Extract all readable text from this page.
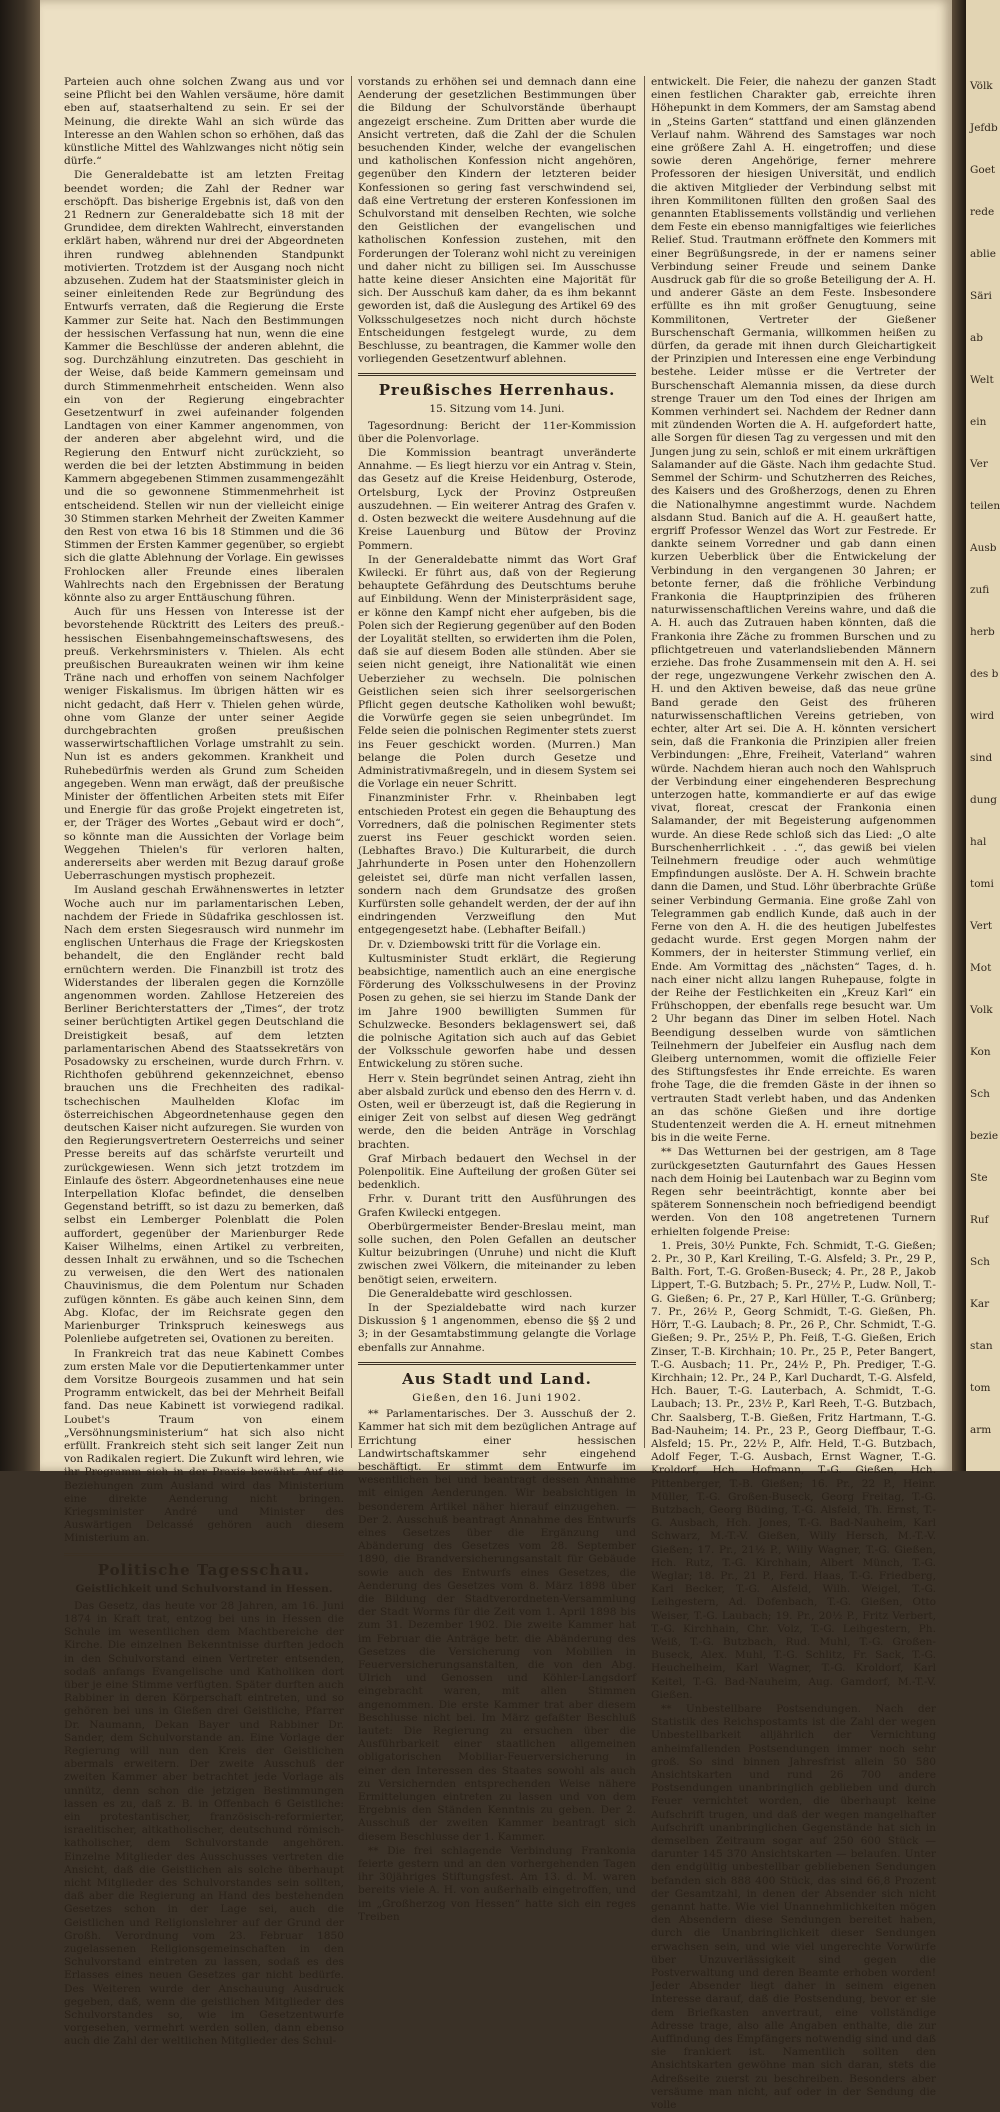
Parteien auch ohne solchen Zwang aus und vor seine Pflicht bei den Wahlen versäume, höre damit eben auf, staatserhaltend zu sein. Er sei der Meinung, die direkte Wahl an sich würde das Interesse an den Wahlen schon so erhöhen, daß das künstliche Mittel des Wahlzwanges nicht nötig sein dürfe.“

Die Generaldebatte ist am letzten Freitag beendet worden; die Zahl der Redner war erschöpft. Das bisherige Ergebnis ist, daß von den 21 Rednern zur Generaldebatte sich 18 mit der Grundidee, dem direkten Wahlrecht, einverstanden erklärt haben, während nur drei der Abgeordneten ihren rundweg ablehnenden Standpunkt motivierten. Trotzdem ist der Ausgang noch nicht abzusehen. Zudem hat der Staatsminister gleich in seiner einleitenden Rede zur Begründung des Entwurfs verraten, daß die Regierung die Erste Kammer zur Seite hat. Nach den Bestimmungen der hessischen Verfassung hat nun, wenn die eine Kammer die Beschlüsse der anderen ablehnt, die sog. Durchzählung einzutreten. Das geschieht in der Weise, daß beide Kammern gemeinsam und durch Stimmenmehrheit entscheiden. Wenn also ein von der Regierung eingebrachter Gesetzentwurf in zwei aufeinander folgenden Landtagen von einer Kammer angenommen, von der anderen aber abgelehnt wird, und die Regierung den Entwurf nicht zurückzieht, so werden die bei der letzten Abstimmung in beiden Kammern abgegebenen Stimmen zusammengezählt und die so gewonnene Stimmenmehrheit ist entscheidend. Stellen wir nun der vielleicht einige 30 Stimmen starken Mehrheit der Zweiten Kammer den Rest von etwa 16 bis 18 Stimmen und die 36 Stimmen der Ersten Kammer gegenüber, so ergiebt sich die glatte Ablehnung der Vorlage. Ein gewisses Frohlocken aller Freunde eines liberalen Wahlrechts nach den Ergebnissen der Beratung könnte also zu arger Enttäuschung führen.

Auch für uns Hessen von Interesse ist der bevorstehende Rücktritt des Leiters des preuß.-hessischen Eisenbahngemeinschaftswesens, des preuß. Verkehrsministers v. Thielen. Als echt preußischen Bureaukraten weinen wir ihm keine Träne nach und erhoffen von seinem Nachfolger weniger Fiskalismus. Im übrigen hätten wir es nicht gedacht, daß Herr v. Thielen gehen würde, ohne vom Glanze der unter seiner Aegide durchgebrachten großen preußischen wasserwirtschaftlichen Vorlage umstrahlt zu sein. Nun ist es anders gekommen. Krankheit und Ruhebedürfnis werden als Grund zum Scheiden angegeben. Wenn man erwägt, daß der preußische Minister der öffentlichen Arbeiten stets mit Eifer und Energie für das große Projekt eingetreten ist, er, der Träger des Wortes „Gebaut wird er doch“, so könnte man die Aussichten der Vorlage beim Weggehen Thielen's für verloren halten, andererseits aber werden mit Bezug darauf große Ueberraschungen mystisch prophezeit.

Im Ausland geschah Erwähnenswertes in letzter Woche auch nur im parlamentarischen Leben, nachdem der Friede in Südafrika geschlossen ist. Nach dem ersten Siegesrausch wird nunmehr im englischen Unterhaus die Frage der Kriegskosten behandelt, die den Engländer recht bald ernüchtern werden. Die Finanzbill ist trotz des Widerstandes der liberalen gegen die Kornzölle angenommen worden. Zahllose Hetzereien des Berliner Berichterstatters der „Times“, der trotz seiner berüchtigten Artikel gegen Deutschland die Dreistigkeit besaß, auf dem letzten parlamentarischen Abend des Staatssekretärs von Posadowsky zu erscheinen, wurde durch Frhrn. v. Richthofen gebührend gekennzeichnet, ebenso brauchen uns die Frechheiten des radikal-tschechischen Maulhelden Klofac im österreichischen Abgeordnetenhause gegen den deutschen Kaiser nicht aufzuregen. Sie wurden von den Regierungsvertretern Oesterreichs und seiner Presse bereits auf das schärfste verurteilt und zurückgewiesen. Wenn sich jetzt trotzdem im Einlaufe des österr. Abgeordnetenhauses eine neue Interpellation Klofac befindet, die denselben Gegenstand betrifft, so ist dazu zu bemerken, daß selbst ein Lemberger Polenblatt die Polen auffordert, gegenüber der Marienburger Rede Kaiser Wilhelms, einen Artikel zu verbreiten, dessen Inhalt zu erwähnen, und so die Tschechen zu verweisen, die den Wert des nationalen Chauvinismus, die dem Polentum nur Schaden zufügen könnten. Es gäbe auch keinen Sinn, dem Abg. Klofac, der im Reichsrate gegen den Marienburger Trinkspruch keineswegs aus Polenliebe aufgetreten sei, Ovationen zu bereiten.

In Frankreich trat das neue Kabinett Combes zum ersten Male vor die Deputiertenkammer unter dem Vorsitze Bourgeois zusammen und hat sein Programm entwickelt, das bei der Mehrheit Beifall fand. Das neue Kabinett ist vorwiegend radikal. Loubet's Traum von einem „Versöhnungsministerium“ hat sich also nicht erfüllt. Frankreich steht sich seit langer Zeit nun von Radikalen regiert. Die Zukunft wird lehren, wie ihr Programm sich in der Praxis bewährt. Auf die Beziehungen zum Ausland wird das Ministerium eine direkte Aenderung nicht bringen. Kriegsminister André und Minister des Auswärtigen Delcassé gehören auch diesem Ministerium an.

Politische Tagesschau.
Geistlichkeit und Schulvorstand in Hessen.

Das Gesetz, das heute vor 28 Jahren, am 16. Juni 1874 in Kraft trat, entzog bei uns in Hessen die Schule im wesentlichen dem Machtbereiche der Kirche. Die einzelnen Bekenntnisse durften jedoch in den Schulvorstand einen Vertreter entsenden, sodaß anfangs Evangelische und Katholiken dort über je eine Stimme verfügten. Später durften auch Rabbiner in deren Körperschaft eintreten, und so gehören bei uns in Gießen drei Geistliche, Pfarrer Dr. Naumann, Dekan Bayer und Rabbiner Dr. Sander, dem Schulvorstande an. Eine Vorlage der Regierung will nun den Kreis der Geistlichen abermals erweitern. Der zweite Ausschuß der zweiten Kammer aber betrachtet jede Vorlage als unnütz, denn schon die jetzigen Bestimmungen lassen es zu, daß z. B. in Offenbach 6 Geistliche: ein protestantischer, französisch-reformierter, israelitischer, altkatholischer, deutschund römisch-katholischer, dem Schulvorstande angehören. Einzelne Mitglieder des Ausschusses vertreten die Ansicht, daß die Geistlichen als solche überhaupt nicht Mitglieder des Schulvorstandes sein sollten, daß aber die Regierung an Hand des bestehenden Gesetzes schon in der Lage sei, auch die Geistlichen und Religionslehrer auf der Grund der Großh. Verordnung vom 23. Februar 1850 zugelassenen Religionsgemeinschaften in den Schulvorstand eintreten zu lassen, sodaß es des Erlasses eines neuen Gesetzes gar nicht bedürfe. Des Weiteren wurde der Anschauung Ausdruck gegeben, daß, wenn die geistlichen Mitglieder des Schulvorstandes so, wie im Gesetzentwurfe vorgesehen, vermehrt werden sollen, dann ebenso auch die Zahl der weltlichen Mitglieder des Schul-

vorstands zu erhöhen sei und demnach dann eine Aenderung der gesetzlichen Bestimmungen über die Bildung der Schulvorstände überhaupt angezeigt erscheine. Zum Dritten aber wurde die Ansicht vertreten, daß die Zahl der die Schulen besuchenden Kinder, welche der evangelischen und katholischen Konfession nicht angehören, gegenüber den Kindern der letzteren beider Konfessionen so gering fast verschwindend sei, daß eine Vertretung der ersteren Konfessionen im Schulvorstand mit denselben Rechten, wie solche den Geistlichen der evangelischen und katholischen Konfession zustehen, mit den Forderungen der Toleranz wohl nicht zu vereinigen und daher nicht zu billigen sei. Im Ausschusse hatte keine dieser Ansichten eine Majorität für sich. Der Ausschuß kam daher, da es ihm bekannt geworden ist, daß die Auslegung des Artikel 69 des Volksschulgesetzes noch nicht durch höchste Entscheidungen festgelegt wurde, zu dem Beschlusse, zu beantragen, die Kammer wolle den vorliegenden Gesetzentwurf ablehnen.

Preußisches Herrenhaus.
15. Sitzung vom 14. Juni.

Tagesordnung: Bericht der 11er-Kommission über die Polenvorlage.

Die Kommission beantragt unveränderte Annahme. — Es liegt hierzu vor ein Antrag v. Stein, das Gesetz auf die Kreise Heidenburg, Osterode, Ortelsburg, Lyck der Provinz Ostpreußen auszudehnen. — Ein weiterer Antrag des Grafen v. d. Osten bezweckt die weitere Ausdehnung auf die Kreise Lauenburg und Bütow der Provinz Pommern.

In der Generaldebatte nimmt das Wort Graf Kwilecki. Er führt aus, daß von der Regierung behauptete Gefährdung des Deutschtums beruhe auf Einbildung. Wenn der Ministerpräsident sage, er könne den Kampf nicht eher aufgeben, bis die Polen sich der Regierung gegenüber auf den Boden der Loyalität stellten, so erwiderten ihm die Polen, daß sie auf diesem Boden alle stünden. Aber sie seien nicht geneigt, ihre Nationalität wie einen Ueberzieher zu wechseln. Die polnischen Geistlichen seien sich ihrer seelsorgerischen Pflicht gegen deutsche Katholiken wohl bewußt; die Vorwürfe gegen sie seien unbegründet. Im Felde seien die polnischen Regimenter stets zuerst ins Feuer geschickt worden. (Murren.) Man belange die Polen durch Gesetze und Administrativmaßregeln, und in diesem System sei die Vorlage ein neuer Schritt.

Finanzminister Frhr. v. Rheinbaben legt entschieden Protest ein gegen die Behauptung des Vorredners, daß die polnischen Regimenter stets zuerst ins Feuer geschickt worden seien. (Lebhaftes Bravo.) Die Kulturarbeit, die durch Jahrhunderte in Posen unter den Hohenzollern geleistet sei, dürfe man nicht verfallen lassen, sondern nach dem Grundsatze des großen Kurfürsten solle gehandelt werden, der der auf ihn eindringenden Verzweiflung den Mut entgegengesetzt habe. (Lebhafter Beifall.)

Dr. v. Dziembowski tritt für die Vorlage ein.

Kultusminister Studt erklärt, die Regierung beabsichtige, namentlich auch an eine energische Förderung des Volksschulwesens in der Provinz Posen zu gehen, sie sei hierzu im Stande Dank der im Jahre 1900 bewilligten Summen für Schulzwecke. Besonders beklagenswert sei, daß die polnische Agitation sich auch auf das Gebiet der Volksschule geworfen habe und dessen Entwickelung zu stören suche.

Herr v. Stein begründet seinen Antrag, zieht ihn aber alsbald zurück und ebenso den des Herrn v. d. Osten, weil er überzeugt ist, daß die Regierung in einiger Zeit von selbst auf diesen Weg gedrängt werde, den die beiden Anträge in Vorschlag brachten.

Graf Mirbach bedauert den Wechsel in der Polenpolitik. Eine Aufteilung der großen Güter sei bedenklich.

Frhr. v. Durant tritt den Ausführungen des Grafen Kwilecki entgegen.

Oberbürgermeister Bender-Breslau meint, man solle suchen, den Polen Gefallen an deutscher Kultur beizubringen (Unruhe) und nicht die Kluft zwischen zwei Völkern, die miteinander zu leben benötigt seien, erweitern.

Die Generaldebatte wird geschlossen.

In der Spezialdebatte wird nach kurzer Diskussion § 1 angenommen, ebenso die §§ 2 und 3; in der Gesamtabstimmung gelangte die Vorlage ebenfalls zur Annahme.

Aus Stadt und Land.
Gießen, den 16. Juni 1902.

** Parlamentarisches. Der 3. Ausschuß der 2. Kammer hat sich mit dem bezüglichen Antrage auf Errichtung einer hessischen Landwirtschaftskammer sehr eingehend beschäftigt. Er stimmt dem Entwurfe im wesentlichen bei und beantragt dessen Annahme mit einigen Aenderungen. Wir beabsichtigen in besonderem Artikel näher hierauf einzugehen. — Der 2. Ausschuß beantragt Annahme des Entwurfs eines Gesetzes über die Ergänzung und Abänderung des Gesetzes vom 28. September 1890, die Brandversicherungsanstalt für Gebäude sowie auch des Entwurfs eines Gesetzes, die Aenderung des Gesetzes vom 8. März 1898 über die Bildung der Stadtverordneten-Versammlung der Stadt Worms für die Zeit vom 1. April 1898 bis zum 31. Dezember 1902. Die zweite Kammer hat im Februar die Anträge betr. die Abänderung des Gesetzes die Versicherung von Mobilien in Feuerversicherungsanstalten, die von den Abg. Ulrich und Genossen und Köhler-Langsdorf eingebracht waren, mit allen Stimmen angenommen. Die erste Kammer trat aber diesem Beschlusse nicht bei. Im März gefaßter Beschluß lautet: Die Regierung zu ersuchen über die Ausführbarkeit einer staatlichen allgemeinen obligatorischen Mobiliar-Feuerversicherung in einer den Interessen des Staates sowohl als auch zu Versichernden entsprechenden Weise nähere Ermittelungen eintreten zu lassen und von dem Ergebnis den Ständen Kenntnis zu geben. Der 2. Ausschuß der zweiten Kammer beantragt sich diesem Beschlusse der 1. Kammer.

** Die frei schlagende Verbindung Frankonia feierte gestern und an den vorhergehenden Tagen ihr 30jähriges Stiftungsfest. Am 13. d. M. waren bereits viele A. H. von außerhalb eingetroffen, und im „Großherzog von Hessen“ hatte sich ein reges Treiben

entwickelt. Die Feier, die nahezu der ganzen Stadt einen festlichen Charakter gab, erreichte ihren Höhepunkt in dem Kommers, der am Samstag abend in „Steins Garten“ stattfand und einen glänzenden Verlauf nahm. Während des Samstages war noch eine größere Zahl A. H. eingetroffen; und diese sowie deren Angehörige, ferner mehrere Professoren der hiesigen Universität, und endlich die aktiven Mitglieder der Verbindung selbst mit ihren Kommilitonen füllten den großen Saal des genannten Etablissements vollständig und verliehen dem Feste ein ebenso mannigfaltiges wie feierliches Relief. Stud. Trautmann eröffnete den Kommers mit einer Begrüßungsrede, in der er namens seiner Verbindung seiner Freude und seinem Danke Ausdruck gab für die so große Beteiligung der A. H. und anderer Gäste an dem Feste. Insbesondere erfüllte es ihn mit großer Genugtuung, seine Kommilitonen, Vertreter der Gießener Burschenschaft Germania, willkommen heißen zu dürfen, da gerade mit ihnen durch Gleichartigkeit der Prinzipien und Interessen eine enge Verbindung bestehe. Leider müsse er die Vertreter der Burschenschaft Alemannia missen, da diese durch strenge Trauer um den Tod eines der Ihrigen am Kommen verhindert sei. Nachdem der Redner dann mit zündenden Worten die A. H. aufgefordert hatte, alle Sorgen für diesen Tag zu vergessen und mit den Jungen jung zu sein, schloß er mit einem urkräftigen Salamander auf die Gäste. Nach ihm gedachte Stud. Semmel der Schirm- und Schutzherren des Reiches, des Kaisers und des Großherzogs, denen zu Ehren die Nationalhymne angestimmt wurde. Nachdem alsdann Stud. Banich auf die A. H. geaußert hatte, ergriff Professor Wenzel das Wort zur Festrede. Er dankte seinem Vorredner und gab dann einen kurzen Ueberblick über die Entwickelung der Verbindung in den vergangenen 30 Jahren; er betonte ferner, daß die fröhliche Verbindung Frankonia die Hauptprinzipien des früheren naturwissenschaftlichen Vereins wahre, und daß die A. H. auch das Zutrauen haben könnten, daß die Frankonia ihre Zäche zu frommen Burschen und zu pflichtgetreuen und vaterlandsliebenden Männern erziehe. Das frohe Zusammensein mit den A. H. sei der rege, ungezwungene Verkehr zwischen den A. H. und den Aktiven beweise, daß das neue grüne Band gerade den Geist des früheren naturwissenschaftlichen Vereins getrieben, von echter, alter Art sei. Die A. H. könnten versichert sein, daß die Frankonia die Prinzipien aller freien Verbindungen: „Ehre, Freiheit, Vaterland“ wahren würde. Nachdem hieran auch noch den Wahlspruch der Verbindung einer eingehenderen Besprechung unterzogen hatte, kommandierte er auf das ewige vivat, floreat, crescat der Frankonia einen Salamander, der mit Begeisterung aufgenommen wurde. An diese Rede schloß sich das Lied: „O alte Burschenherrlichkeit . . .“, das gewiß bei vielen Teilnehmern freudige oder auch wehmütige Empfindungen auslöste. Der A. H. Schwein brachte dann die Damen, und Stud. Löhr überbrachte Grüße seiner Verbindung Germania. Eine große Zahl von Telegrammen gab endlich Kunde, daß auch in der Ferne von den A. H. die des heutigen Jubelfestes gedacht wurde. Erst gegen Morgen nahm der Kommers, der in heiterster Stimmung verlief, ein Ende. Am Vormittag des „nächsten“ Tages, d. h. nach einer nicht allzu langen Ruhepause, folgte in der Reihe der Festlichkeiten ein „Kreuz Karl“ ein Frühschoppen, der ebenfalls rege besucht war. Um 2 Uhr begann das Diner im selben Hotel. Nach Beendigung desselben wurde von sämtlichen Teilnehmern der Jubelfeier ein Ausflug nach dem Gleiberg unternommen, womit die offizielle Feier des Stiftungsfestes ihr Ende erreichte. Es waren frohe Tage, die die fremden Gäste in der ihnen so vertrauten Stadt verlebt haben, und das Andenken an das schöne Gießen und ihre dortige Studentenzeit werden die A. H. erneut mitnehmen bis in die weite Ferne.

** Das Wetturnen bei der gestrigen, am 8 Tage zurückgesetzten Gauturnfahrt des Gaues Hessen nach dem Hoinig bei Lautenbach war zu Beginn vom Regen sehr beeinträchtigt, konnte aber bei späterem Sonnenschein noch befriedigend beendigt werden. Von den 108 angetretenen Turnern erhielten folgende Preise:

1. Preis, 30½ Punkte, Fch. Schmidt, T.-G. Gießen; 2. Pr., 30 P., Karl Kreiling, T.-G. Alsfeld; 3. Pr., 29 P., Balth. Fort, T.-G. Großen-Buseck; 4. Pr., 28 P., Jakob Lippert, T.-G. Butzbach; 5. Pr., 27½ P., Ludw. Noll, T.-G. Gießen; 6. Pr., 27 P., Karl Hüller, T.-G. Grünberg; 7. Pr., 26½ P., Georg Schmidt, T.-G. Gießen, Ph. Hörr, T.-G. Laubach; 8. Pr., 26 P., Chr. Schmidt, T.-G. Gießen; 9. Pr., 25½ P., Ph. Feiß, T.-G. Gießen, Erich Zinser, T.-B. Kirchhain; 10. Pr., 25 P., Peter Bangert, T.-G. Ausbach; 11. Pr., 24½ P., Ph. Prediger, T.-G. Kirchhain; 12. Pr., 24 P., Karl Duchardt, T.-G. Alsfeld, Hch. Bauer, T.-G. Lauterbach, A. Schmidt, T.-G. Laubach; 13. Pr., 23½ P., Karl Reeh, T.-G. Butzbach, Chr. Saalsberg, T.-B. Gießen, Fritz Hartmann, T.-G. Bad-Nauheim; 14. Pr., 23 P., Georg Dieffbaur, T.-G. Alsfeld; 15. Pr., 22½ P., Alfr. Held, T.-G. Butzbach, Adolf Feger, T.-G. Ausbach, Ernst Wagner, T.-G. Kroldorf, Hch. Hofmann, T.-G. Gießen, Hch. Pittenberger, T.-B. Gießen; 16. Pr., 22 P., Heinr. Müller, T.-G. Großen-Buseck, Georg Freitag, T.-G. Butzbach, Georg Büding, T.-G. Alsfeld, Th. Ernst, T.-G. Ausbach, Hch. Jones, T.-G. Bad-Nauheim, Karl Schwarz, M.-T.-V. Gießen, Willy Hersch, M.-T.-V. Gießen; 17. Pr., 21½ P., Willy Wagner, T.-G. Gießen, Hch. Rutz, T.-G. Kirchhain, Albert Münch, T.-G. Weglar; 18. Pr., 21 P., Ferd. Haas, T.-G. Friedberg, Karl Becker, T.-G. Alsfeld, Wilh. Weigel, T.-G. Leihgestern, Ad. Dofenbach, T.-G. Gießen, Otto Weiser, T.-G. Laubach; 19. Pr., 20½ P., Fritz Verbert, T.-G. Kirchhain, Chr. Volz, T.-G. Leihgestern, Ph. Weiß, T.-G. Butzbach, Rud. Muhl, T.-G. Großen-Buseck, Alex. Muhl, T.-G. Schlitz, Fr. Sack, T.-G. Heuchelheim, Karl Wagner, T.-G. Kroldorf, Karl Keitel, T.-G. Bad-Nauheim, Aug. Gamdorf, M.-T.-V. Gießen.

** Unbestellbare Postsendungen. Nach der Statistik des Reichspostamts ist die Zahl der wegen Unbestellbarkeit alljährlich der Vernichtung anheimfallenden Postsendungen immer noch sehr groß. So sind binnen Jahresfrist allein 50 580 Ansichtskarten und rund 26 700 andere Postsendungen unanbringlich geblieben und durch Feuer vernichtet worden, die überhaupt keine Aufschrift trugen, und daß der wegen mangelhafter Aufschrift unanbringlichen Gegenstände hat sich in demselben Zeitraum sogar auf 250 600 Stück — darunter 145 370 Ansichtskarten — belaufen. Unter den endgültig unbestellbar gebliebenen Sendungen befanden sich 888 400 Stück, das sind 66,8 Prozent der Gesamtzahl, in denen der Absender sich nicht genannt hatte. Wie viel Unannehmlichkeiten mögen den Absendern diese Sendungen bereitet haben, durch die Unanbringlichkeit dieser Sendungen erwachsen sein, und wie viel ungerechte Vorwürfe über Unzuverlässigkeit sind gegen die Postverwaltung und deren Beamte erhoben worden! Jeder Absender liegt daher in seinem eigenen Interesse darauf, daß die Postsendung, bevor er sie dem Briefkasten anvertraut, eine vollständige Adresse trage, also alle Angaben enthalte, die zur Auffindung des Empfängers notwendig sind und daß sie frankiert ist. Namentlich sollten den Ansichtskarten gewöhne man sich daran, stets die Adreßseite zuerst zu beschreiben. Besonders aber versäume man nicht, auf oder in der Sendung die volle

Völk
Jefdb
Goet
rede
ablie
Säri
ab
Welt
ein
Ver
teilen
Ausb
zufi
herb
des b
wird
sind
dung
hal
tomi
Vert
Mot
Volk
Kon
Sch
bezie
Ste
Ruf
Sch
Kar
stan
tom
arm
